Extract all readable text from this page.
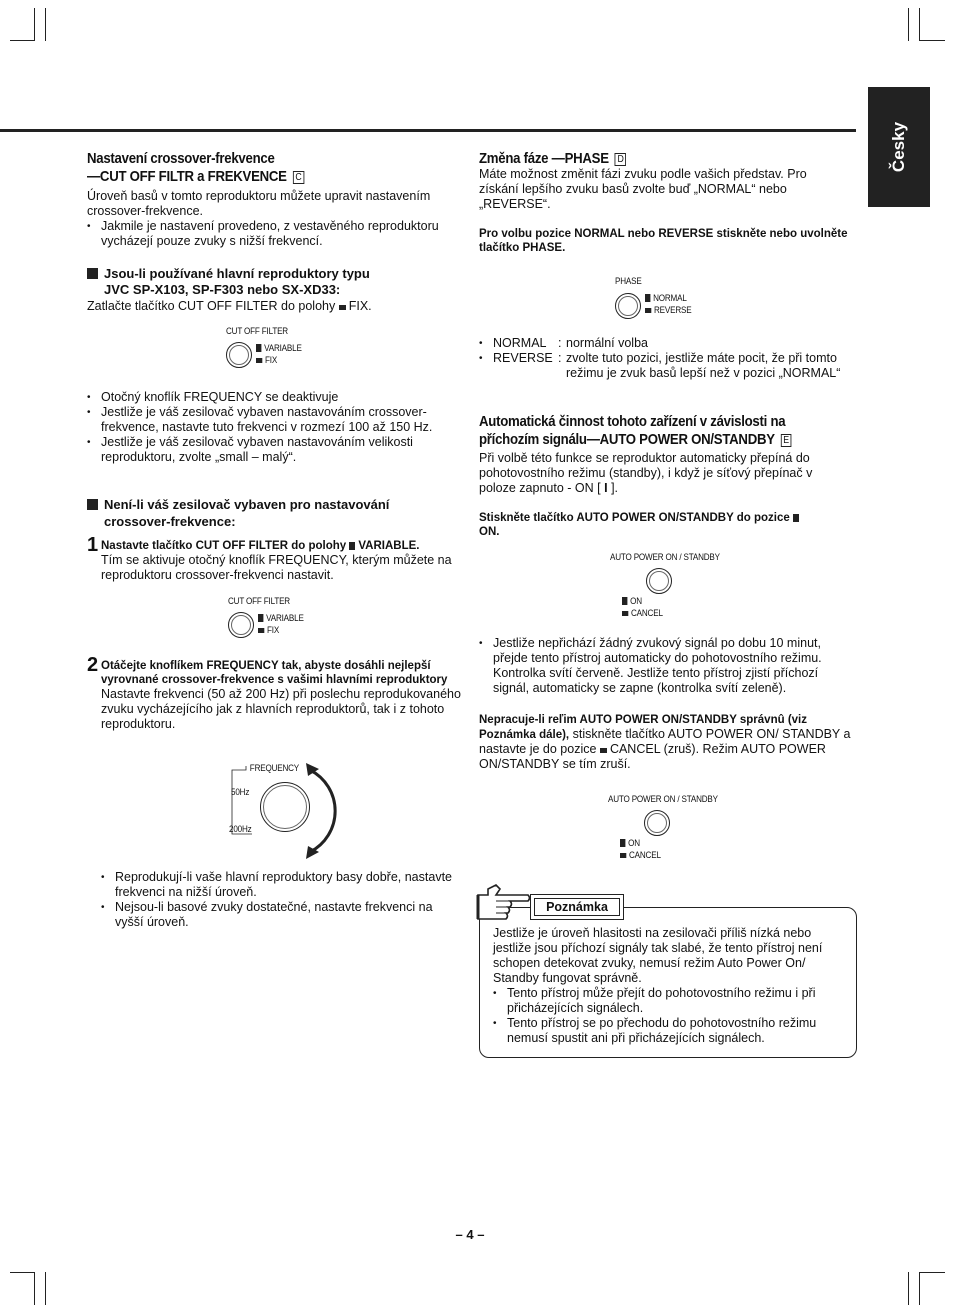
Česky
Nastavení crossover-frekvence
—CUT OFF FILTR a FREKVENCE C

Úroveň basů v tomto reproduktoru můžete upravit nastavením crossover-frekvence.

• Jakmile je nastavení provedeno, z vestavěného reproduktoru vycházejí pouze zvuky s nižší frekvencí.

Jsou-li používané hlavní reproduktory typu
JVC SP-X103, SP-F303 nebo SX-XD33:

Zatlačte tlačítko CUT OFF FILTER do polohy FIX.

CUT OFF FILTER
VARIABLE
FIX
• Otočný knoflík FREQUENCY se deaktivuje
• Jestliže je váš zesilovač vybaven nastavováním crossover-frekvence, nastavte tuto frekvenci v rozmezí 100 až 150 Hz.
• Jestliže je váš zesilovač vybaven nastavováním velikosti reproduktoru, zvolte „small – malý“.

Není-li váš zesilovač vybaven pro nastavování
crossover-frekvence:

1 Nastavte tlačítko CUT OFF FILTER do polohy VARIABLE.

Tím se aktivuje otočný knoflík FREQUENCY, kterým můžete na reproduktoru crossover-frekvenci nastavit.

CUT OFF FILTER
VARIABLE
FIX
2 Otáčejte knoflíkem FREQUENCY tak, abyste dosáhli nejlepší vyrovnané crossover-frekvence s vašimi hlavními reproduktory

Nastavte frekvenci (50 až 200 Hz) při poslechu reprodukovaného zvuku vycházejícího jak z hlavních reproduktorů, tak i z tohoto reproduktoru.

FREQUENCY
50Hz
200Hz
• Reprodukují-li vaše hlavní reproduktory basy dobře, nastavte frekvenci na nižší úroveň.
• Nejsou-li basové zvuky dostatečné, nastavte frekvenci na vyšší úroveň.
Změna fáze —PHASE D

Máte možnost změnit fázi zvuku podle vašich představ. Pro získání lepšího zvuku basů zvolte buď „NORMAL“ nebo „REVERSE“.

Pro volbu pozice NORMAL nebo REVERSE stiskněte nebo uvolněte tlačítko PHASE.

PHASE
NORMAL
REVERSE
• NORMAL : normální volba
• REVERSE : zvolte tuto pozici, jestliže máte pocit, že při tomto režimu je zvuk basů lepší než v pozici „NORMAL“
Automatická činnost tohoto zařízení v závislosti na
příchozím signálu—AUTO POWER ON/STANDBY E

Při volbě této funkce se reproduktor automaticky přepíná do pohotovostního režimu (standby), i když je síťový přepínač v poloze zapnuto - ON [ I ].

Stiskněte tlačítko AUTO POWER ON/STANDBY do pozice
ON.

AUTO POWER ON / STANDBY
ON
CANCEL
• Jestliže nepřichází žádný zvukový signál po dobu 10 minut, přejde tento přístroj automaticky do pohotovostního režimu. Kontrolka svítí červeně. Jestliže tento přístroj zjistí příchozí signál, automaticky se zapne (kontrolka svítí zeleně).

Nepracuje-li reľim AUTO POWER ON/STANDBY správnû (viz Poznámka dále), stiskněte tlačítko AUTO POWER ON/ STANDBY a nastavte je do pozice CANCEL (zruš). Režim AUTO POWER ON/STANDBY se tím zruší.

AUTO POWER ON / STANDBY
ON
CANCEL
Poznámka

Jestliže je úroveň hlasitosti na zesilovači příliš nízká nebo jestliže jsou příchozí signály tak slabé, že tento přístroj není schopen detekovat zvuky, nemusí režim Auto Power On/ Standby fungovat správně.

• Tento přístroj může přejít do pohotovostního režimu i při přicházejících signálech.
• Tento přístroj se po přechodu do pohotovostního režimu nemusí spustit ani při přicházejících signálech.
– 4 –
